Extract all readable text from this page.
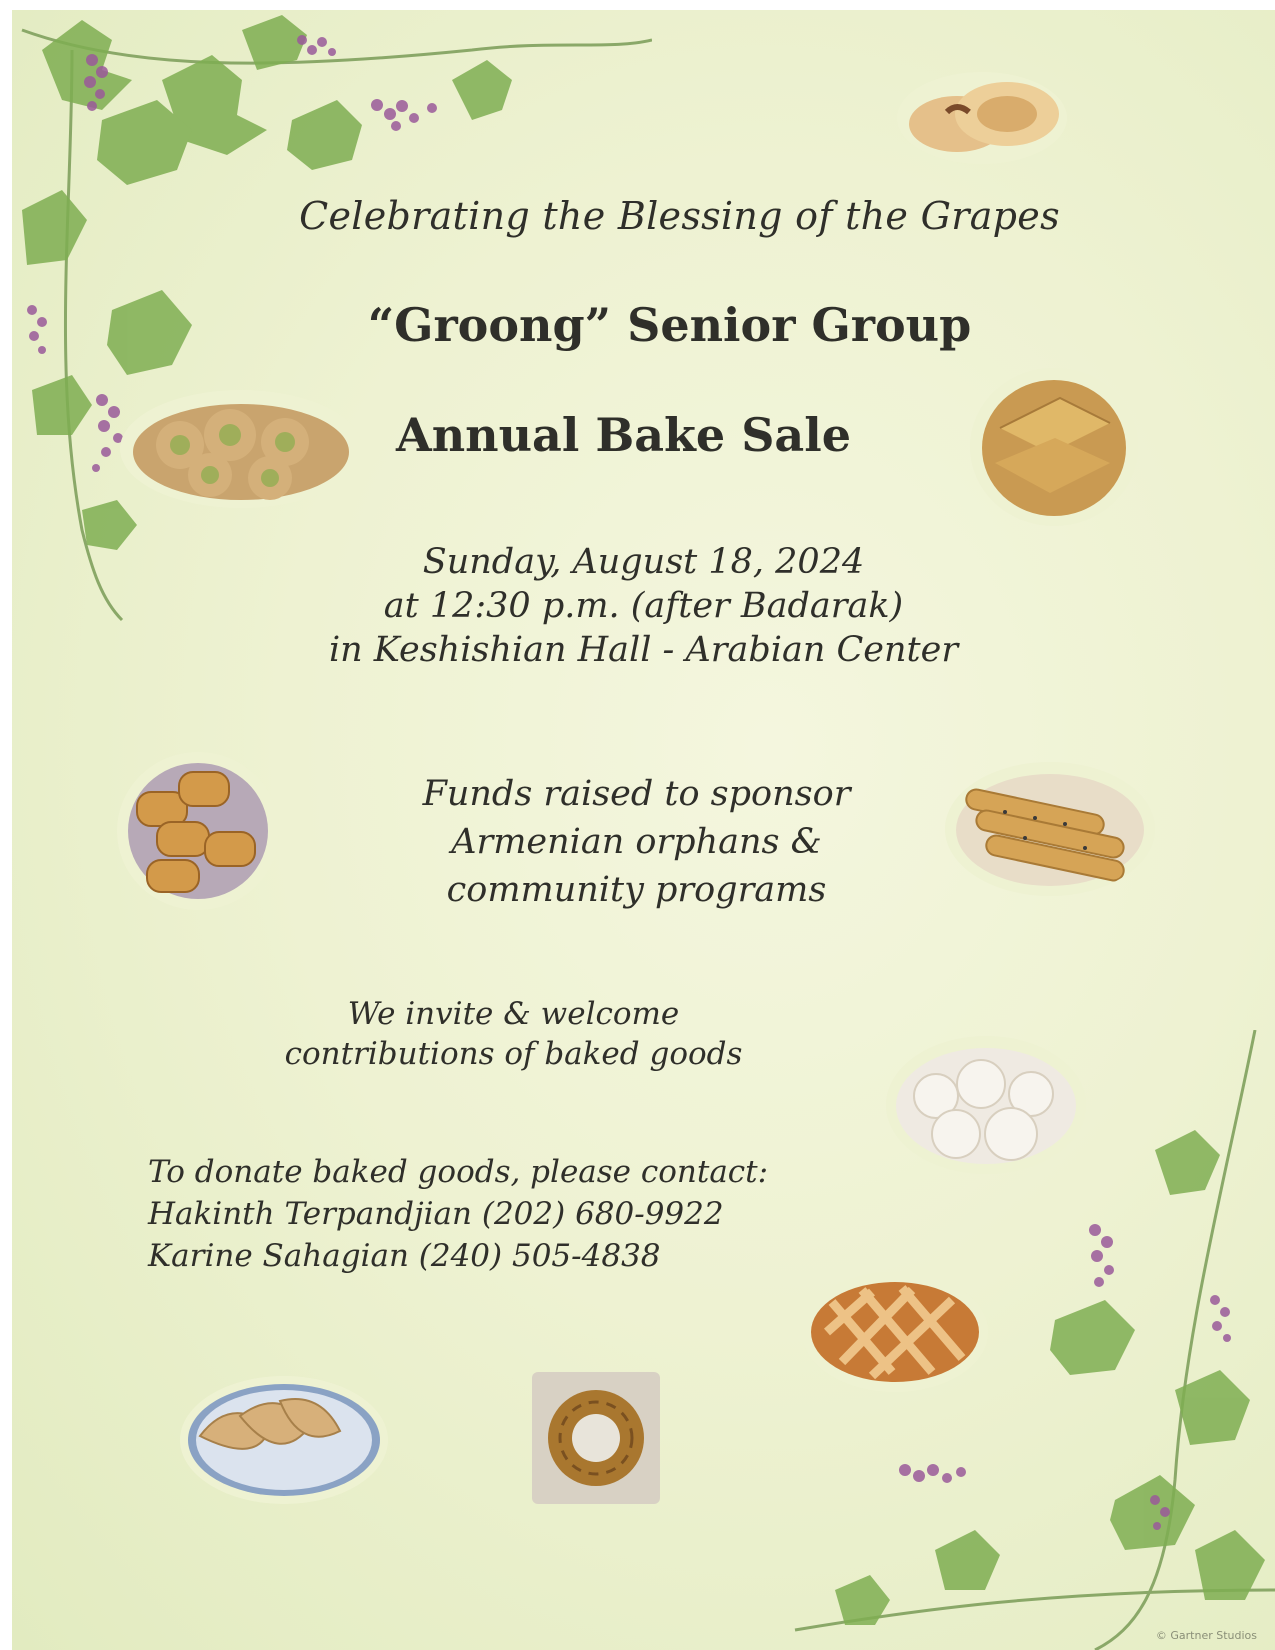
Celebrating the Blessing of the Grapes

“Groong” Senior Group

Annual Bake Sale

Sunday, August 18, 2024

at 12:30 p.m. (after Badarak)

in Keshishian Hall - Arabian Center

Funds raised to sponsor

Armenian orphans &

community programs

We invite & welcome

contributions of baked goods

To donate baked goods, please contact:

Hakinth Terpandjian (202) 680-9922

Karine Sahagian (240) 505-4838

© Gartner Studios
